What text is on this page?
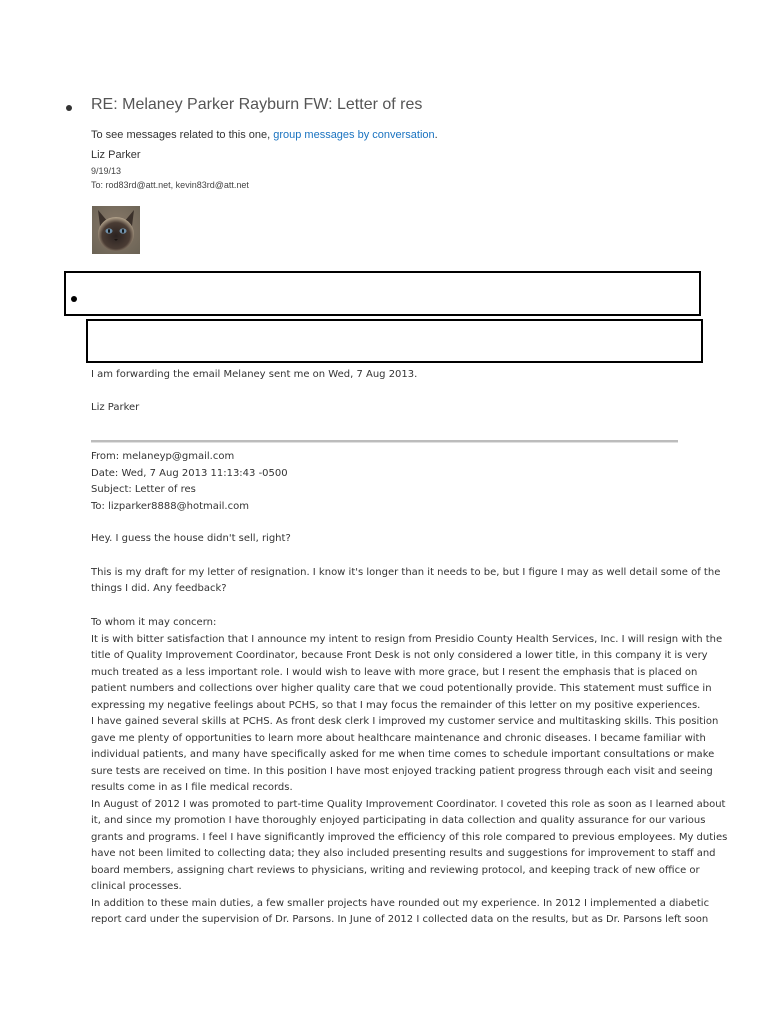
RE: Melaney Parker Rayburn FW: Letter of res
To see messages related to this one, group messages by conversation.
Liz Parker
9/19/13
To: rod83rd@att.net, kevin83rd@att.net
I am forwarding the email Melaney sent me on Wed, 7 Aug 2013.
Liz Parker
From: melaneyp@gmail.com
Date: Wed, 7 Aug 2013 11:13:43 -0500
Subject: Letter of res
To: lizparker8888@hotmail.com
Hey. I guess the house didn't sell, right?
This is my draft for my letter of resignation. I know it's longer than it needs to be, but I figure I may as well detail some of the
things I did. Any feedback?
To whom it may concern:
It is with bitter satisfaction that I announce my intent to resign from Presidio County Health Services, Inc. I will resign with the
title of Quality Improvement Coordinator, because Front Desk is not only considered a lower title, in this company it is very
much treated as a less important role. I would wish to leave with more grace, but I resent the emphasis that is placed on
patient numbers and collections over higher quality care that we coud potentionally provide. This statement must suffice in
expressing my negative feelings about PCHS, so that I may focus the remainder of this letter on my positive experiences.
I have gained several skills at PCHS. As front desk clerk I improved my customer service and multitasking skills. This position
gave me plenty of opportunities to learn more about healthcare maintenance and chronic diseases. I became familiar with
individual patients, and many have specifically asked for me when time comes to schedule important consultations or make
sure tests are received on time. In this position I have most enjoyed tracking patient progress through each visit and seeing
results come in as I file medical records.
In August of 2012 I was promoted to part-time Quality Improvement Coordinator. I coveted this role as soon as I learned about
it, and since my promotion I have thoroughly enjoyed participating in data collection and quality assurance for our various
grants and programs. I feel I have significantly improved the efficiency of this role compared to previous employees. My duties
have not been limited to collecting data; they also included presenting results and suggestions for improvement to staff and
board members, assigning chart reviews to physicians, writing and reviewing protocol, and keeping track of new office or
clinical processes.
In addition to these main duties, a few smaller projects have rounded out my experience. In 2012 I implemented a diabetic
report card under the supervision of Dr. Parsons. In June of 2012 I collected data on the results, but as Dr. Parsons left soon
